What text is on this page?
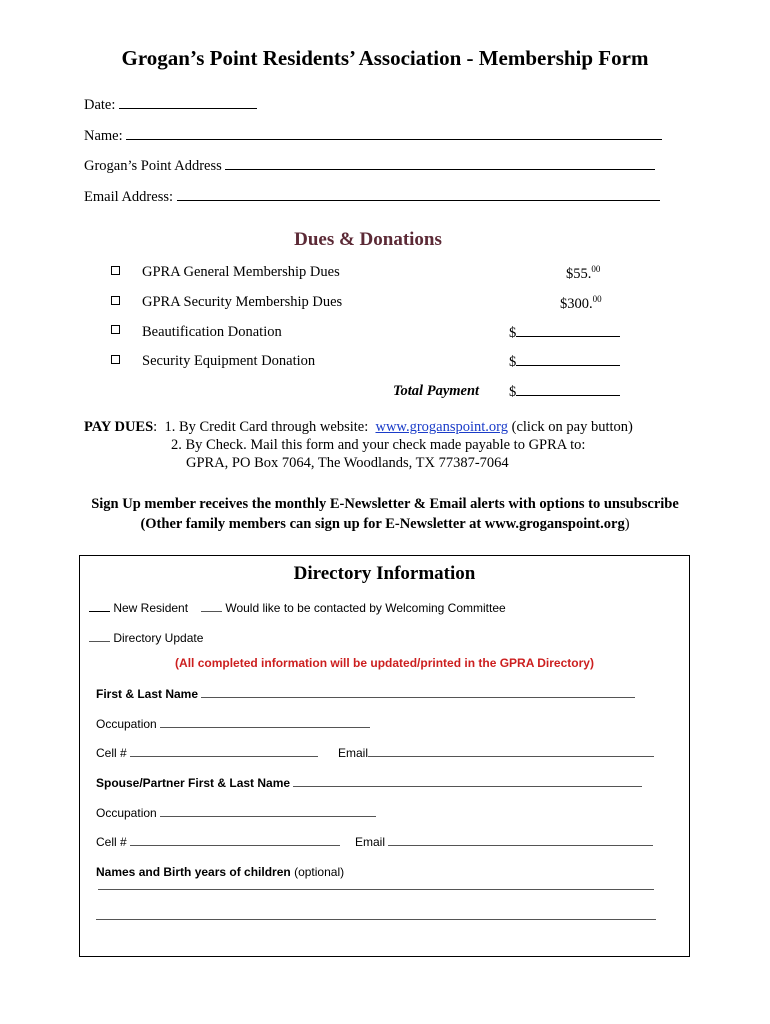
Grogan’s Point Residents’ Association - Membership Form
Date:
Name:
Grogan’s Point Address
Email Address:
Dues & Donations
GPRA General Membership Dues	$55.00
GPRA Security Membership Dues	$300.00
Beautification Donation	$
Security Equipment Donation	$
Total Payment $
PAY DUES:  1. By Credit Card through website: www.groganspoint.org (click on pay button)
2. By Check. Mail this form and your check made payable to GPRA to:
GPRA, PO Box 7064, The Woodlands, TX 77387-7064
Sign Up member receives the monthly E-Newsletter & Email alerts with options to unsubscribe
(Other family members can sign up for E-Newsletter at www.groganspoint.org)
Directory Information
New Resident	Would like to be contacted by Welcoming Committee
Directory Update
(All completed information will be updated/printed in the GPRA Directory)
First & Last Name
Occupation
Cell #	Email
Spouse/Partner First & Last Name
Occupation
Cell #	Email
Names and Birth years of children (optional)
